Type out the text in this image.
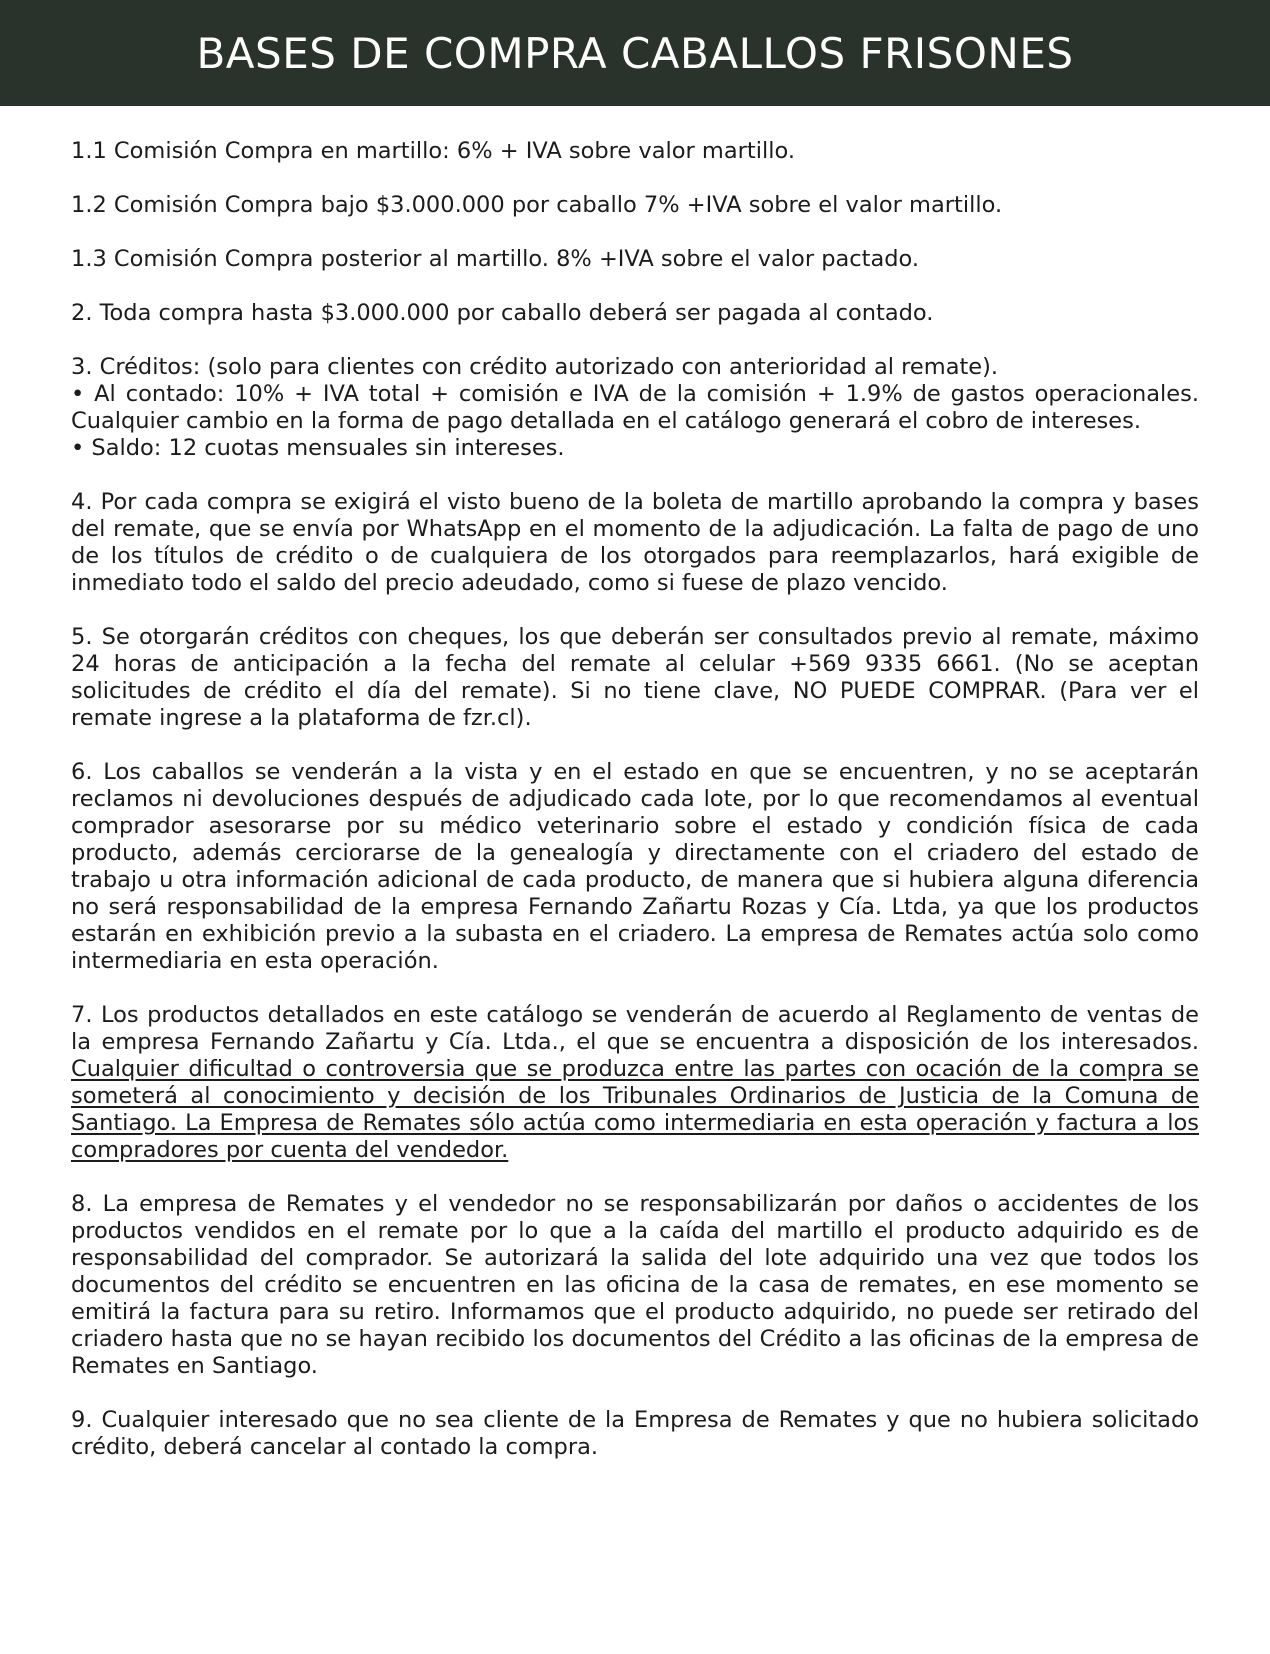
BASES DE COMPRA CABALLOS FRISONES

1.1 Comisión Compra en martillo: 6% + IVA sobre valor martillo.

1.2 Comisión Compra bajo $3.000.000 por caballo 7% +IVA sobre el valor martillo.

1.3 Comisión Compra posterior al martillo. 8% +IVA sobre el valor pactado.

2. Toda compra hasta $3.000.000 por caballo deberá ser pagada al contado.

3. Créditos: (solo para clientes con crédito autorizado con anterioridad al remate).
• Al contado: 10% + IVA total + comisión e IVA de la comisión + 1.9% de gastos operacionales. Cualquier cambio en la forma de pago detallada en el catálogo generará el cobro de intereses.
• Saldo: 12 cuotas mensuales sin intereses.

4. Por cada compra se exigirá el visto bueno de la boleta de martillo aprobando la compra y bases del remate, que se envía por WhatsApp en el momento de la adjudicación. La falta de pago de uno de los títulos de crédito o de cualquiera de los otorgados para reemplazarlos, hará exigible de inmediato todo el saldo del precio adeudado, como si fuese de plazo vencido.

5. Se otorgarán créditos con cheques, los que deberán ser consultados previo al remate, máximo 24 horas de anticipación a la fecha del remate al celular +569 9335 6661. (No se aceptan solicitudes de crédito el día del remate). Si no tiene clave, NO PUEDE COMPRAR. (Para ver el remate ingrese a la plataforma de fzr.cl).

6. Los caballos se venderán a la vista y en el estado en que se encuentren, y no se aceptarán reclamos ni devoluciones después de adjudicado cada lote, por lo que recomendamos al eventual comprador asesorarse por su médico veterinario sobre el estado y condición física de cada producto, además cerciorarse de la genealogía y directamente con el criadero del estado de trabajo u otra información adicional de cada producto, de manera que si hubiera alguna diferencia no será responsabilidad de la empresa Fernando Zañartu Rozas y Cía. Ltda, ya que los productos estarán en exhibición previo a la subasta en el criadero. La empresa de Remates actúa solo como intermediaria en esta operación.

7. Los productos detallados en este catálogo se venderán de acuerdo al Reglamento de ventas de la empresa Fernando Zañartu y Cía. Ltda., el que se encuentra a disposición de los interesados. Cualquier dificultad o controversia que se produzca entre las partes con ocación de la compra se someterá al conocimiento y decisión de los Tribunales Ordinarios de Justicia de la Comuna de Santiago. La Empresa de Remates sólo actúa como intermediaria en esta operación y factura a los compradores por cuenta del vendedor.

8. La empresa de Remates y el vendedor no se responsabilizarán por daños o accidentes de los productos vendidos en el remate por lo que a la caída del martillo el producto adquirido es de responsabilidad del comprador. Se autorizará la salida del lote adquirido una vez que todos los documentos del crédito se encuentren en las oficina de la casa de remates, en ese momento se emitirá la factura para su retiro. Informamos que el producto adquirido, no puede ser retirado del criadero hasta que no se hayan recibido los documentos del Crédito a las oficinas de la empresa de Remates en Santiago.

9. Cualquier interesado que no sea cliente de la Empresa de Remates y que no hubiera solicitado crédito, deberá cancelar al contado la compra.
